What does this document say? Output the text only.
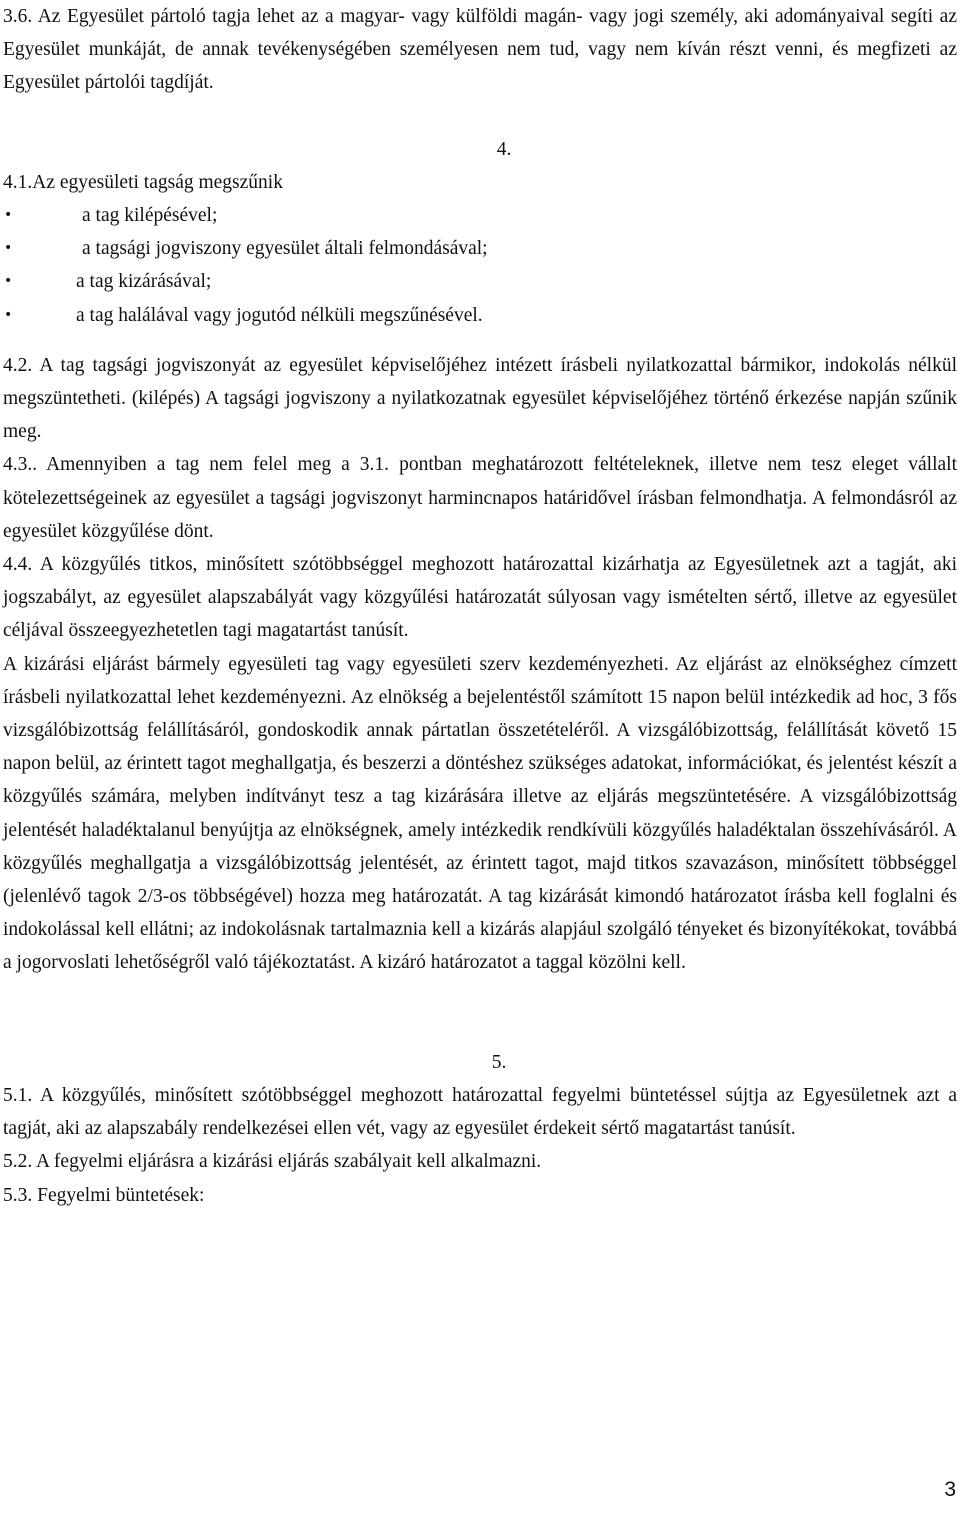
3.6. Az Egyesület pártoló tagja lehet az a magyar- vagy külföldi magán- vagy jogi személy, aki adományaival segíti az Egyesület munkáját, de annak tevékenységében személyesen nem tud, vagy nem kíván részt venni, és megfizeti az Egyesület pártolói tagdíját.

4.

4.1.Az egyesületi tagság megszűnik

•	a tag kilépésével;
•	a tagsági jogviszony egyesület általi felmondásával;
•	a tag kizárásával;
•	a tag halálával vagy jogutód nélküli megszűnésével.

4.2. A tag tagsági jogviszonyát az egyesület képviselőjéhez intézett írásbeli nyilatkozattal bármikor, indokolás nélkül megszüntetheti. (kilépés) A tagsági jogviszony a nyilatkozatnak egyesület képviselőjéhez történő érkezése napján szűnik meg.

4.3.. Amennyiben a tag nem felel meg a 3.1. pontban meghatározott feltételeknek, illetve nem tesz eleget vállalt kötelezettségeinek az egyesület a tagsági jogviszonyt harmincnapos határidővel írásban felmondhatja. A felmondásról az egyesület közgyűlése dönt.

4.4. A közgyűlés titkos, minősített szótöbbséggel meghozott határozattal kizárhatja az Egyesületnek azt a tagját, aki jogszabályt, az egyesület alapszabályát vagy közgyűlési határozatát súlyosan vagy ismételten sértő, illetve az egyesület céljával összeegyezhetetlen tagi magatartást tanúsít.

A kizárási eljárást bármely egyesületi tag vagy egyesületi szerv kezdeményezheti. Az eljárást az elnökséghez címzett írásbeli nyilatkozattal lehet kezdeményezni. Az elnökség a bejelentéstől számított 15 napon belül intézkedik ad hoc, 3 fős vizsgálóbizottság felállításáról, gondoskodik annak pártatlan összetételéről. A vizsgálóbizottság, felállítását követő 15 napon belül, az érintett tagot meghallgatja, és beszerzi a döntéshez szükséges adatokat, információkat, és jelentést készít a közgyűlés számára, melyben indítványt tesz a tag kizárására illetve az eljárás megszüntetésére. A vizsgálóbizottság jelentését haladéktalanul benyújtja az elnökségnek, amely intézkedik rendkívüli közgyűlés haladéktalan összehívásáról. A közgyűlés meghallgatja a vizsgálóbizottság jelentését, az érintett tagot, majd titkos szavazáson, minősített többséggel (jelenlévő tagok 2/3-os többségével) hozza meg határozatát. A tag kizárását kimondó határozatot írásba kell foglalni és indokolással kell ellátni; az indokolásnak tartalmaznia kell a kizárás alapjául szolgáló tényeket és bizonyítékokat, továbbá a jogorvoslati lehetőségről való tájékoztatást. A kizáró határozatot a taggal közölni kell.

5.

5.1. A közgyűlés, minősített szótöbbséggel meghozott határozattal fegyelmi büntetéssel sújtja az Egyesületnek azt a tagját, aki az alapszabály rendelkezései ellen vét, vagy az egyesület érdekeit sértő magatartást tanúsít.

5.2. A fegyelmi eljárásra a kizárási eljárás szabályait kell alkalmazni.

5.3. Fegyelmi büntetések:

3
